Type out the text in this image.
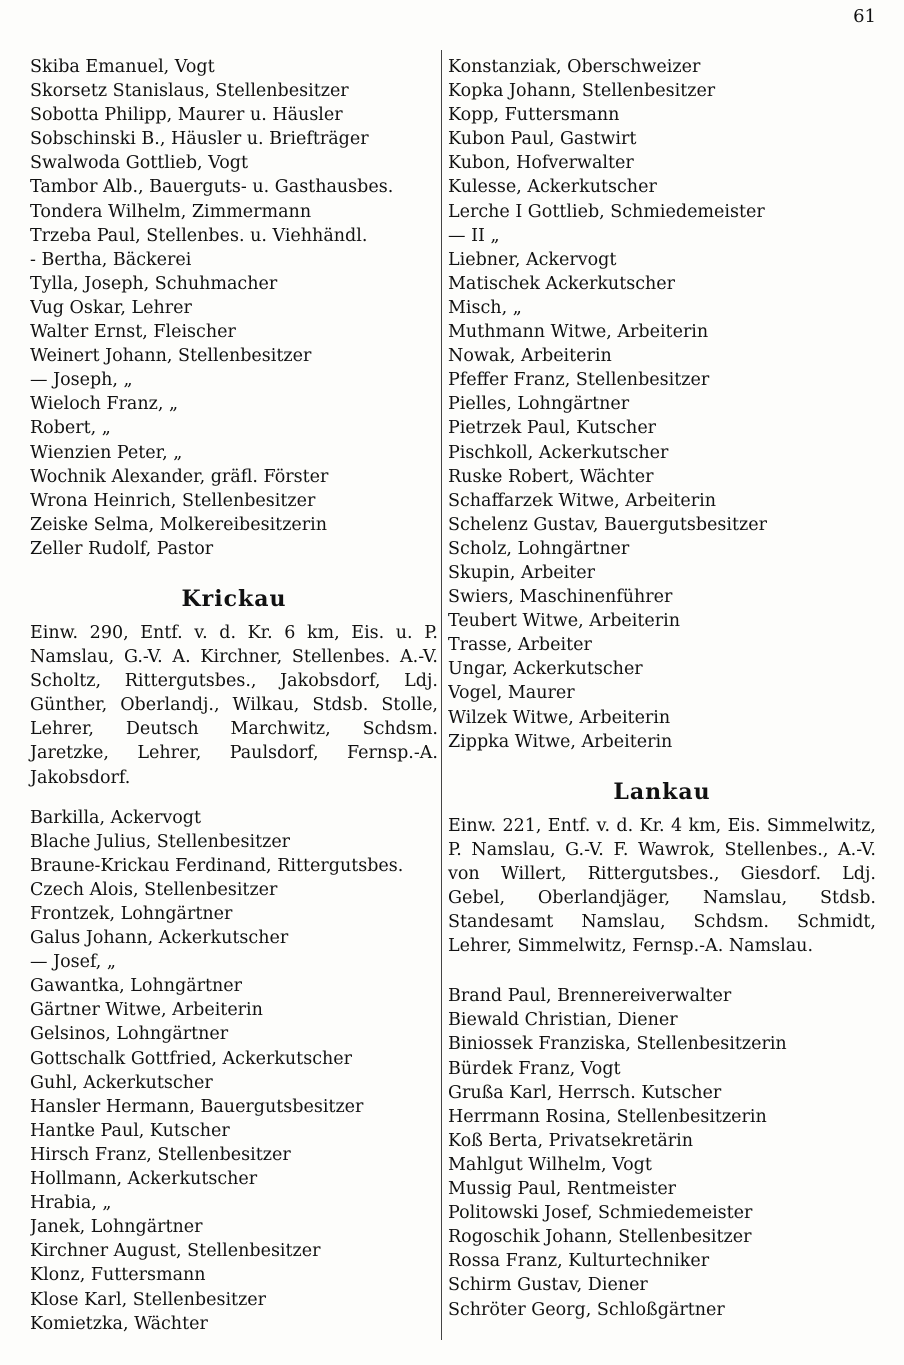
61
Skiba Emanuel, Vogt
Skorsetz Stanislaus, Stellenbesitzer
Sobotta Philipp, Maurer u. Häusler
Sobschinski B., Häusler u. Briefträger
Swalwoda Gottlieb, Vogt
Tambor Alb., Bauerguts- u. Gasthausbes.
Tondera Wilhelm, Zimmermann
Trzeba Paul, Stellenbes. u. Viehhändl.
- Bertha, Bäckerei
Tylla, Joseph, Schuhmacher
Vug Oskar, Lehrer
Walter Ernst, Fleischer
Weinert Johann, Stellenbesitzer
— Joseph, „
Wieloch Franz, „
Robert, „
Wienzien Peter, „
Wochnik Alexander, gräfl. Förster
Wrona Heinrich, Stellenbesitzer
Zeiske Selma, Molkereibesitzerin
Zeller Rudolf, Pastor
Krickau

Einw. 290, Entf. v. d. Kr. 6 km, Eis. u. P. Namslau, G.-V. A. Kirchner, Stellenbes. A.-V. Scholtz, Rittergutsbes., Jakobsdorf, Ldj. Günther, Oberlandj., Wilkau, Stdsb. Stolle, Lehrer, Deutsch Marchwitz, Schdsm. Jaretzke, Lehrer, Paulsdorf, Fernsp.-A. Jakobsdorf.

Barkilla, Ackervogt
Blache Julius, Stellenbesitzer
Braune-Krickau Ferdinand, Rittergutsbes.
Czech Alois, Stellenbesitzer
Frontzek, Lohngärtner
Galus Johann, Ackerkutscher
— Josef, „
Gawantka, Lohngärtner
Gärtner Witwe, Arbeiterin
Gelsinos, Lohngärtner
Gottschalk Gottfried, Ackerkutscher
Guhl, Ackerkutscher
Hansler Hermann, Bauergutsbesitzer
Hantke Paul, Kutscher
Hirsch Franz, Stellenbesitzer
Hollmann, Ackerkutscher
Hrabia, „
Janek, Lohngärtner
Kirchner August, Stellenbesitzer
Klonz, Futtersmann
Klose Karl, Stellenbesitzer
Komietzka, Wächter
Konstanziak, Oberschweizer
Kopka Johann, Stellenbesitzer
Kopp, Futtersmann
Kubon Paul, Gastwirt
Kubon, Hofverwalter
Kulesse, Ackerkutscher
Lerche I Gottlieb, Schmiedemeister
— II „
Liebner, Ackervogt
Matischek Ackerkutscher
Misch, „
Muthmann Witwe, Arbeiterin
Nowak, Arbeiterin
Pfeffer Franz, Stellenbesitzer
Pielles, Lohngärtner
Pietrzek Paul, Kutscher
Pischkoll, Ackerkutscher
Ruske Robert, Wächter
Schaffarzek Witwe, Arbeiterin
Schelenz Gustav, Bauergutsbesitzer
Scholz, Lohngärtner
Skupin, Arbeiter
Swiers, Maschinenführer
Teubert Witwe, Arbeiterin
Trasse, Arbeiter
Ungar, Ackerkutscher
Vogel, Maurer
Wilzek Witwe, Arbeiterin
Zippka Witwe, Arbeiterin
Lankau

Einw. 221, Entf. v. d. Kr. 4 km, Eis. Simmelwitz, P. Namslau, G.-V. F. Wawrok, Stellenbes., A.-V. von Willert, Rittergutsbes., Giesdorf. Ldj. Gebel, Oberlandjäger, Namslau, Stdsb. Standesamt Namslau, Schdsm. Schmidt, Lehrer, Simmelwitz, Fernsp.-A. Namslau.

Brand Paul, Brennereiverwalter
Biewald Christian, Diener
Biniossek Franziska, Stellenbesitzerin
Bürdek Franz, Vogt
Grußa Karl, Herrsch. Kutscher
Herrmann Rosina, Stellenbesitzerin
Koß Berta, Privatsekretärin
Mahlgut Wilhelm, Vogt
Mussig Paul, Rentmeister
Politowski Josef, Schmiedemeister
Rogoschik Johann, Stellenbesitzer
Rossa Franz, Kulturtechniker
Schirm Gustav, Diener
Schröter Georg, Schloßgärtner
